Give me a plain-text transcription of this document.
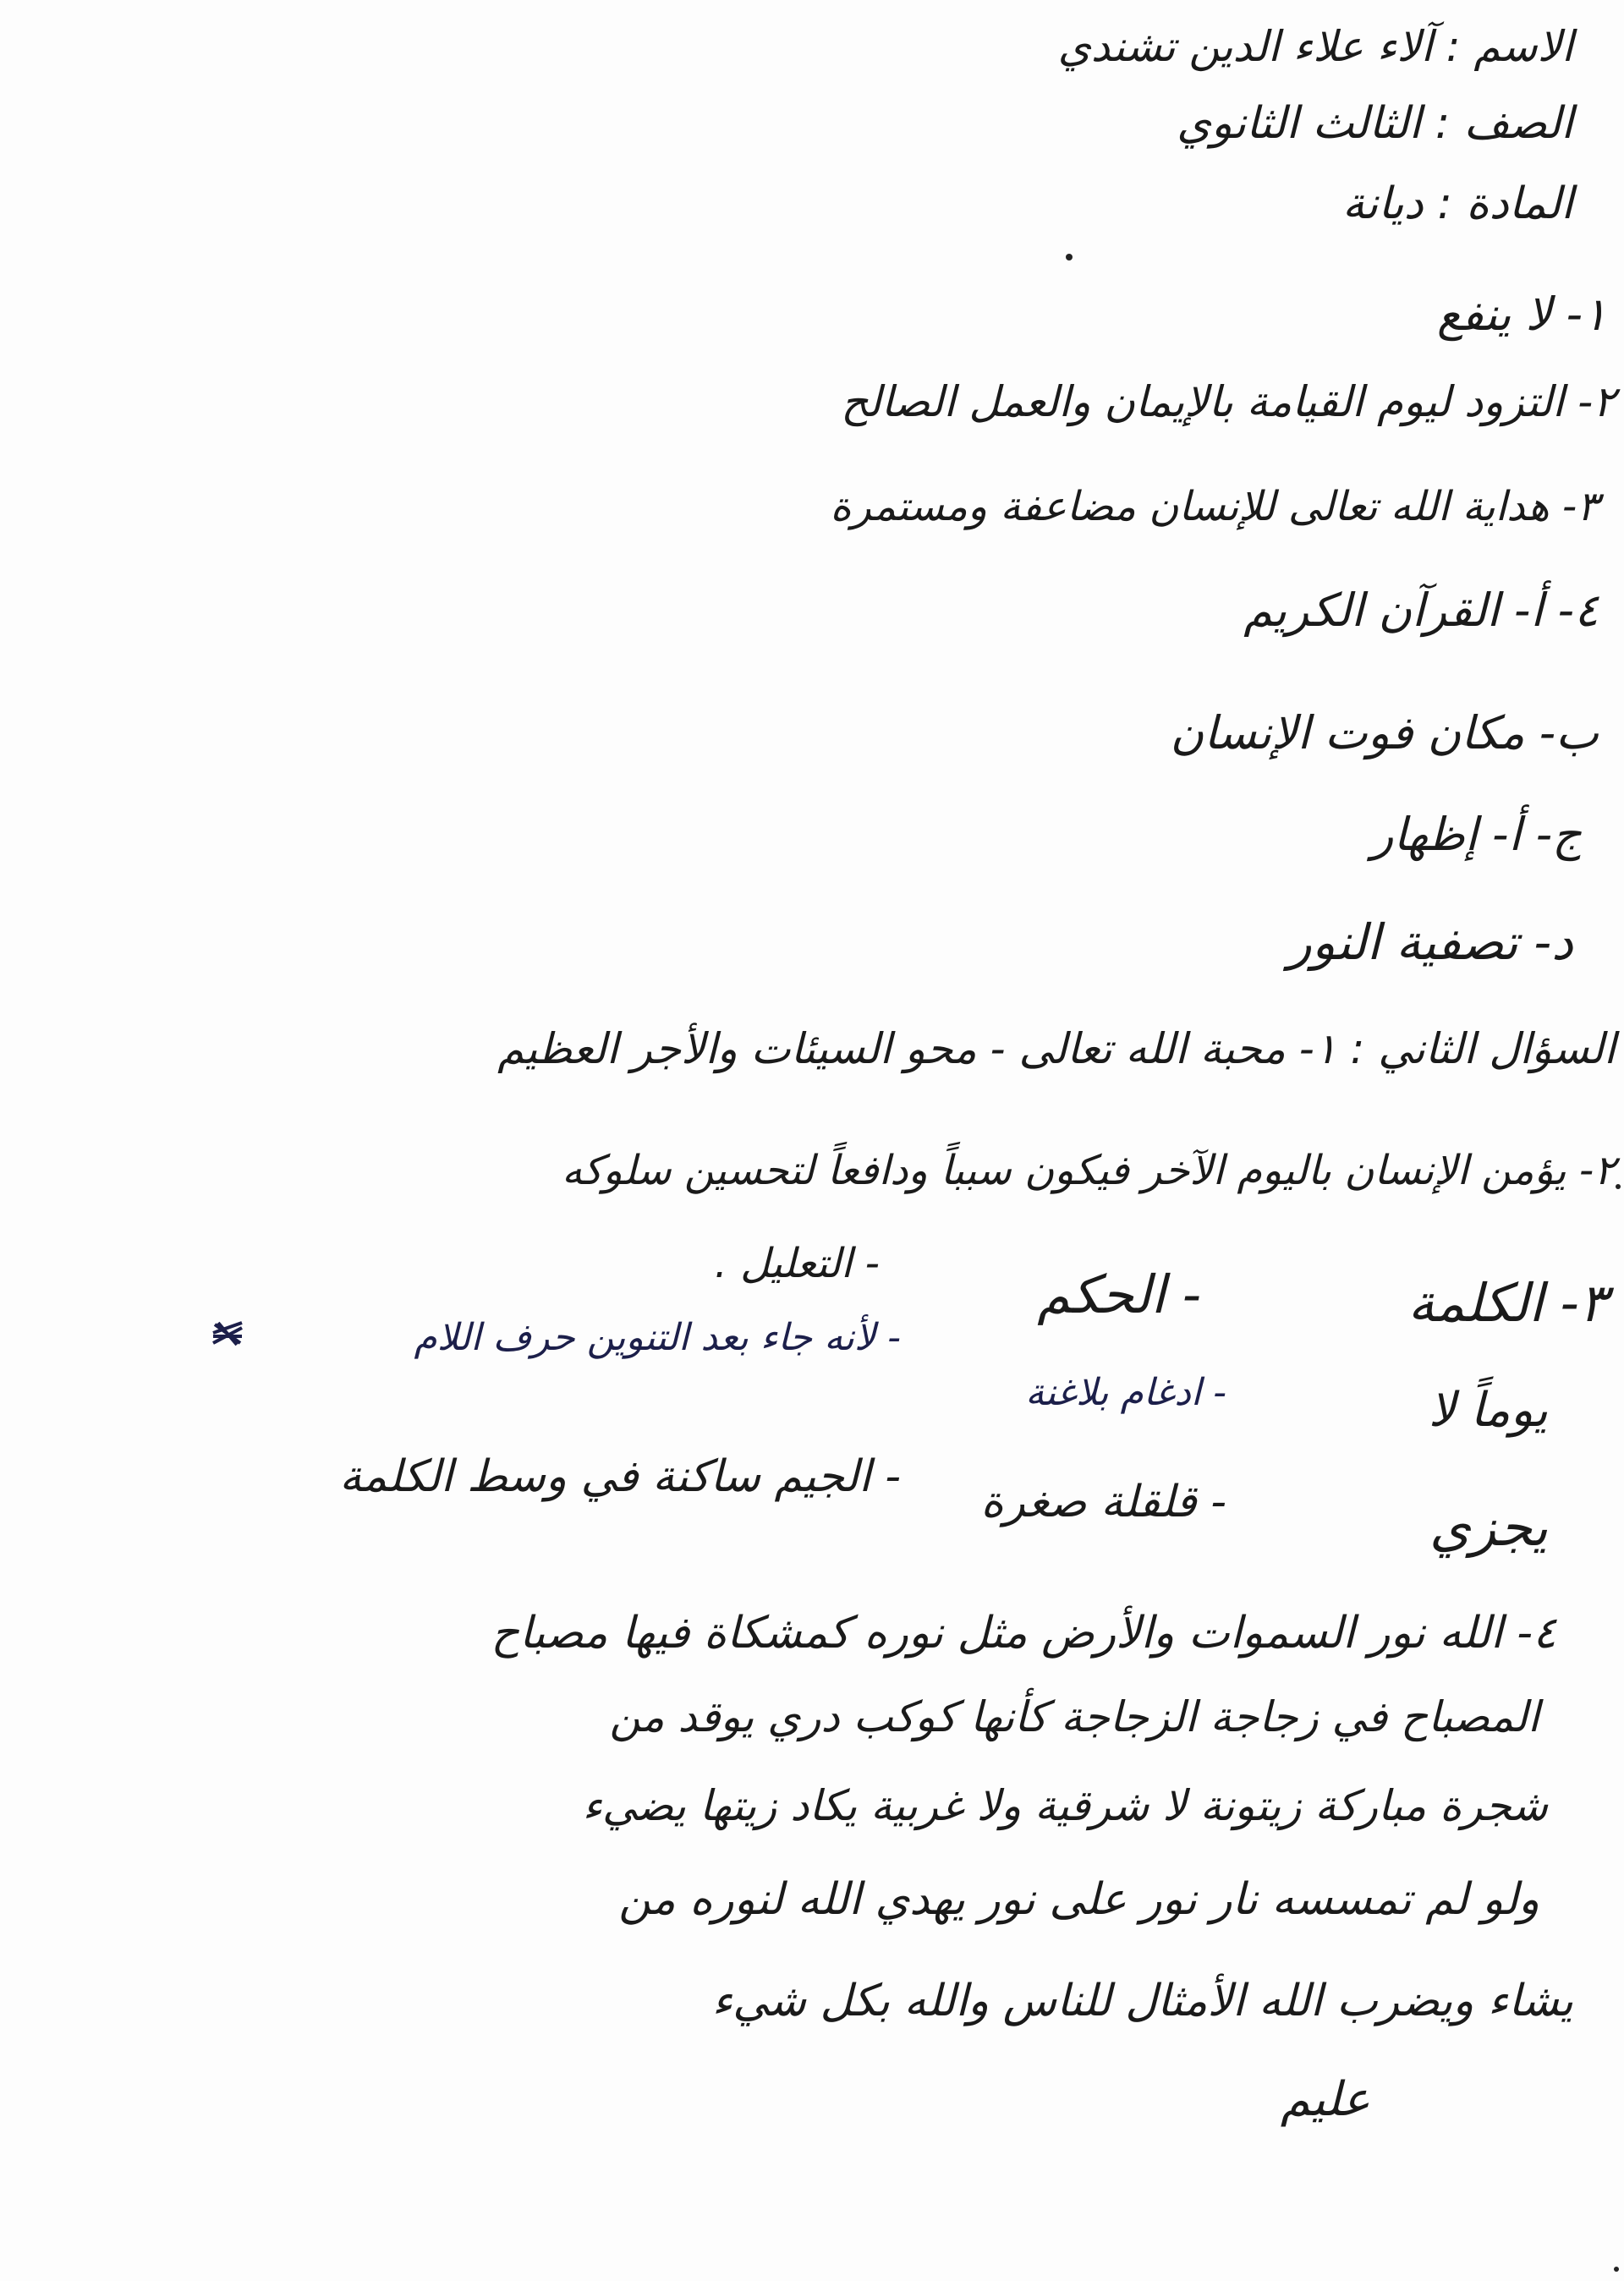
الاسم : آلاء علاء الدين تشندي
الصف : الثالث الثانوي
المادة : ديانة
١- لا ينفع
٢- التزود ليوم القيامة بالإيمان والعمل الصالح
٣- هداية الله تعالى للإنسان مضاعفة ومستمرة
٤- أ- القرآن الكريم
ب- مكان فوت الإنسان
ج- أ- إظهار
د- تصفية النور
السؤال الثاني : ١- محبة الله تعالى - محو السيئات والأجر العظيم
٢- يؤمن الإنسان باليوم الآخر فيكون سبباً ودافعاً لتحسين سلوكه
٣- الكلمة
- الحكم
- التعليل .
يوماً لا
- ادغام بلاغنة
- لأنه جاء بعد التنوين حرف اللام
يجزي
- قلقلة صغرة
- الجيم ساكنة في وسط الكلمة
٤- الله نور السموات والأرض مثل نوره كمشكاة فيها مصباح
المصباح في زجاجة الزجاجة كأنها كوكب دري يوقد من
شجرة مباركة زيتونة لا شرقية ولا غربية يكاد زيتها يضيء
ولو لم تمسسه نار نور على نور يهدي الله لنوره من
يشاء ويضرب الله الأمثال للناس والله بكل شيء
عليم
